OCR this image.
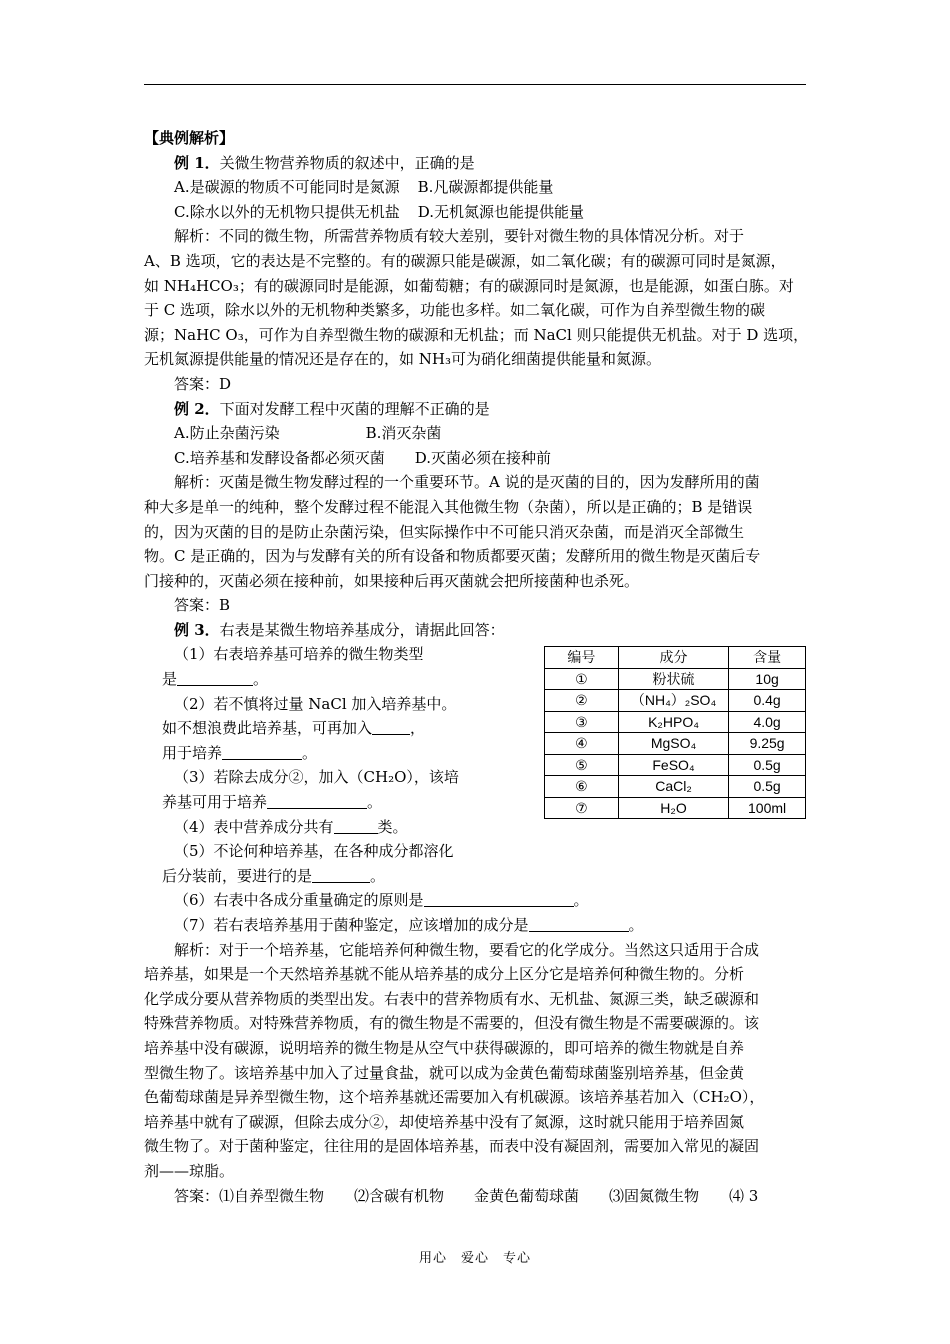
【典例解析】
例 1．关微生物营养物质的叙述中，正确的是
A.是碳源的物质不可能同时是氮源 B.凡碳源都提供能量
C.除水以外的无机物只提供无机盐 D.无机氮源也能提供能量
解析：不同的微生物，所需营养物质有较大差别，要针对微生物的具体情况分析。对于
A、B 选项，它的表达是不完整的。有的碳源只能是碳源，如二氧化碳；有的碳源可同时是氮源，
如 NH₄HCO₃；有的碳源同时是能源，如葡萄糖；有的碳源同时是氮源，也是能源，如蛋白胨。对
于 C 选项，除水以外的无机物种类繁多，功能也多样。如二氧化碳，可作为自养型微生物的碳
源；NaHC O₃，可作为自养型微生物的碳源和无机盐；而 NaCl 则只能提供无机盐。对于 D 选项，
无机氮源提供能量的情况还是存在的，如 NH₃可为硝化细菌提供能量和氮源。
答案：D
例 2．下面对发酵工程中灭菌的理解不正确的是
A.防止杂菌污染	B.消灭杂菌
C.培养基和发酵设备都必须灭菌 D.灭菌必须在接种前
解析：灭菌是微生物发酵过程的一个重要环节。A 说的是灭菌的目的，因为发酵所用的菌
种大多是单一的纯种，整个发酵过程不能混入其他微生物（杂菌），所以是正确的；B 是错误
的，因为灭菌的目的是防止杂菌污染，但实际操作中不可能只消灭杂菌，而是消灭全部微生
物。C 是正确的，因为与发酵有关的所有设备和物质都要灭菌；发酵所用的微生物是灭菌后专
门接种的，灭菌必须在接种前，如果接种后再灭菌就会把所接菌种也杀死。
答案：B
例 3．右表是某微生物培养基成分，请据此回答：
（1）右表培养基可培养的微生物类型
是	。
（2）若不慎将过量 NaCl 加入培养基中。
如不想浪费此培养基，可再加入	，
用于培养	。
（3）若除去成分②，加入（CH₂O），该培
养基可用于培养	。
（4）表中营养成分共有	类。
（5）不论何种培养基，在各种成分都溶化
后分装前，要进行的是	。
（6）右表中各成分重量确定的原则是	。
（7）若右表培养基用于菌种鉴定，应该增加的成分是	。
解析：对于一个培养基，它能培养何种微生物，要看它的化学成分。当然这只适用于合成
培养基，如果是一个天然培养基就不能从培养基的成分上区分它是培养何种微生物的。分析
化学成分要从营养物质的类型出发。右表中的营养物质有水、无机盐、氮源三类，缺乏碳源和
特殊营养物质。对特殊营养物质，有的微生物是不需要的，但没有微生物是不需要碳源的。该
培养基中没有碳源，说明培养的微生物是从空气中获得碳源的，即可培养的微生物就是自养
型微生物了。该培养基中加入了过量食盐，就可以成为金黄色葡萄球菌鉴别培养基，但金黄
色葡萄球菌是异养型微生物，这个培养基就还需要加入有机碳源。该培养基若加入（CH₂O），
培养基中就有了碳源，但除去成分②，却使培养基中没有了氮源，这时就只能用于培养固氮
微生物了。对于菌种鉴定，往往用的是固体培养基，而表中没有凝固剂，需要加入常见的凝固
剂——琼脂。
答案：⑴自养型微生物　　⑵含碳有机物　　金黄色葡萄球菌　　⑶固氮微生物　　⑷ 3
编号	成分	含量
①	粉状硫	10g
②	（NH₄）₂SO₄	0.4g
③	K₂HPO₄	4.0g
④	MgSO₄	9.25g
⑤	FeSO₄	0.5g
⑥	CaCl₂	0.5g
⑦	H₂O	100ml
用心　爱心　专心
